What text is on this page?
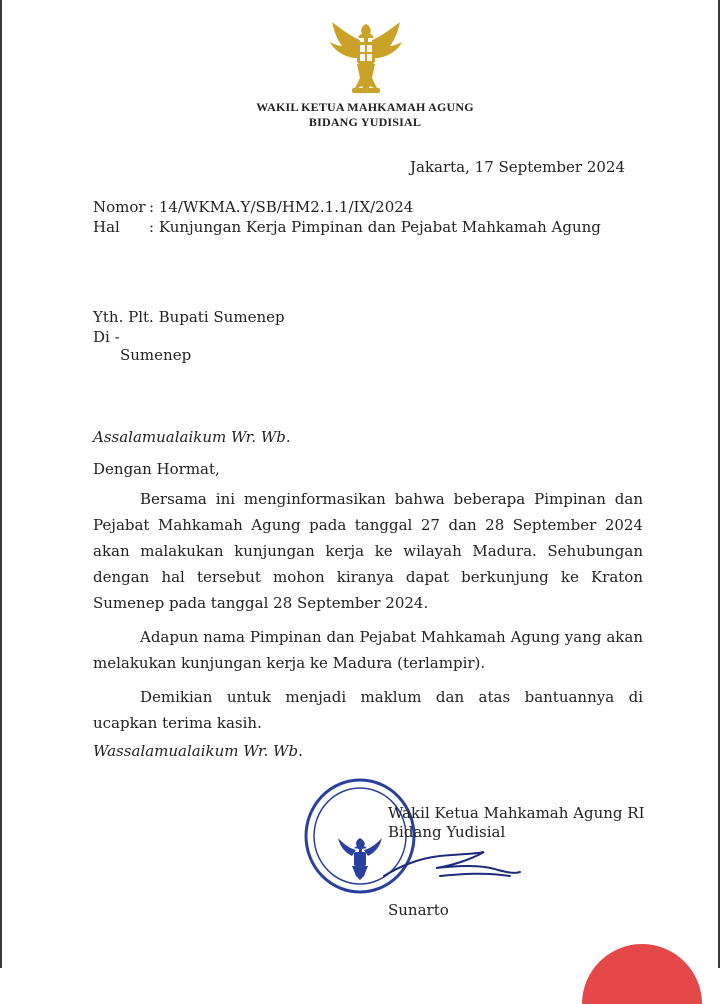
WAKIL KETUA MAHKAMAH AGUNG
BIDANG YUDISIAL
Jakarta, 17 September 2024
Nomor : 14/WKMA.Y/SB/HM2.1.1/IX/2024
Hal : Kunjungan Kerja Pimpinan dan Pejabat Mahkamah Agung
Yth. Plt. Bupati Sumenep
Di -
Sumenep
Assalamualaikum Wr. Wb.
Dengan Hormat,
Bersama ini menginformasikan bahwa beberapa Pimpinan dan Pejabat Mahkamah Agung pada tanggal 27 dan 28 September 2024 akan malakukan kunjungan kerja ke wilayah Madura. Sehubungan dengan hal tersebut mohon kiranya dapat berkunjung ke Kraton Sumenep pada tanggal 28 September 2024.
Adapun nama Pimpinan dan Pejabat Mahkamah Agung yang akan melakukan kunjungan kerja ke Madura (terlampir).
Demikian untuk menjadi maklum dan atas bantuannya di ucapkan terima kasih.
Wassalamualaikum Wr. Wb.
Wakil Ketua Mahkamah Agung RI
Bidang Yudisial
Sunarto
